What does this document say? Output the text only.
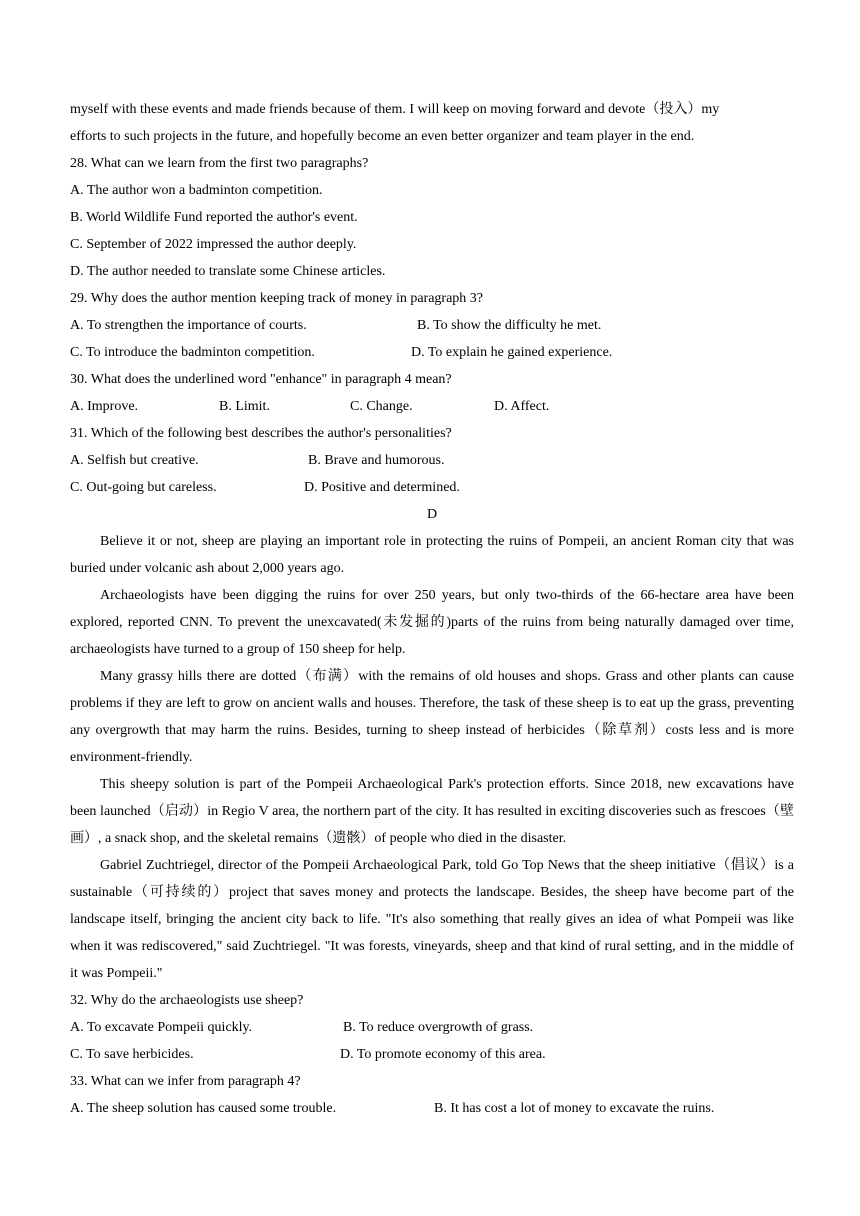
myself with these events and made friends because of them. I will keep on moving forward and devote（投入）my
efforts to such projects in the future, and hopefully become an even better organizer and team player in the end.
28. What can we learn from the first two paragraphs?
A. The author won a badminton competition.
B. World Wildlife Fund reported the author's event.
C. September of 2022 impressed the author deeply.
D. The author needed to translate some Chinese articles.
29. Why does the author mention keeping track of money in paragraph 3?
A. To strengthen the importance of courts.	B. To show the difficulty he met.
C. To introduce the badminton competition.	D. To explain he gained experience.
30. What does the underlined word "enhance" in paragraph 4 mean?
A. Improve.	B. Limit.	C. Change.	D. Affect.
31. Which of the following best describes the author's personalities?
A. Selfish but creative.	B. Brave and humorous.
C. Out-going but careless.	D. Positive and determined.
D
Believe it or not, sheep are playing an important role in protecting the ruins of Pompeii, an ancient Roman city that was buried under volcanic ash about 2,000 years ago.
Archaeologists have been digging the ruins for over 250 years, but only two-thirds of the 66-hectare area have been explored, reported CNN. To prevent the unexcavated(未发掘的)parts of the ruins from being naturally damaged over time, archaeologists have turned to a group of 150 sheep for help.
Many grassy hills there are dotted（布满）with the remains of old houses and shops. Grass and other plants can cause problems if they are left to grow on ancient walls and houses. Therefore, the task of these sheep is to eat up the grass, preventing any overgrowth that may harm the ruins. Besides, turning to sheep instead of herbicides（除草剂）costs less and is more environment-friendly.
This sheepy solution is part of the Pompeii Archaeological Park's protection efforts. Since 2018, new excavations have been launched（启动）in Regio V area, the northern part of the city. It has resulted in exciting discoveries such as frescoes（壁画）, a snack shop, and the skeletal remains（遗骸）of people who died in the disaster.
Gabriel Zuchtriegel, director of the Pompeii Archaeological Park, told Go Top News that the sheep initiative（倡议）is a sustainable（可持续的）project that saves money and protects the landscape. Besides, the sheep have become part of the landscape itself, bringing the ancient city back to life. "It's also something that really gives an idea of what Pompeii was like when it was rediscovered," said Zuchtriegel. "It was forests, vineyards, sheep and that kind of rural setting, and in the middle of it was Pompeii."
32. Why do the archaeologists use sheep?
A. To excavate Pompeii quickly.	B. To reduce overgrowth of grass.
C. To save herbicides.	D. To promote economy of this area.
33. What can we infer from paragraph 4?
A. The sheep solution has caused some trouble.	B. It has cost a lot of money to excavate the ruins.
